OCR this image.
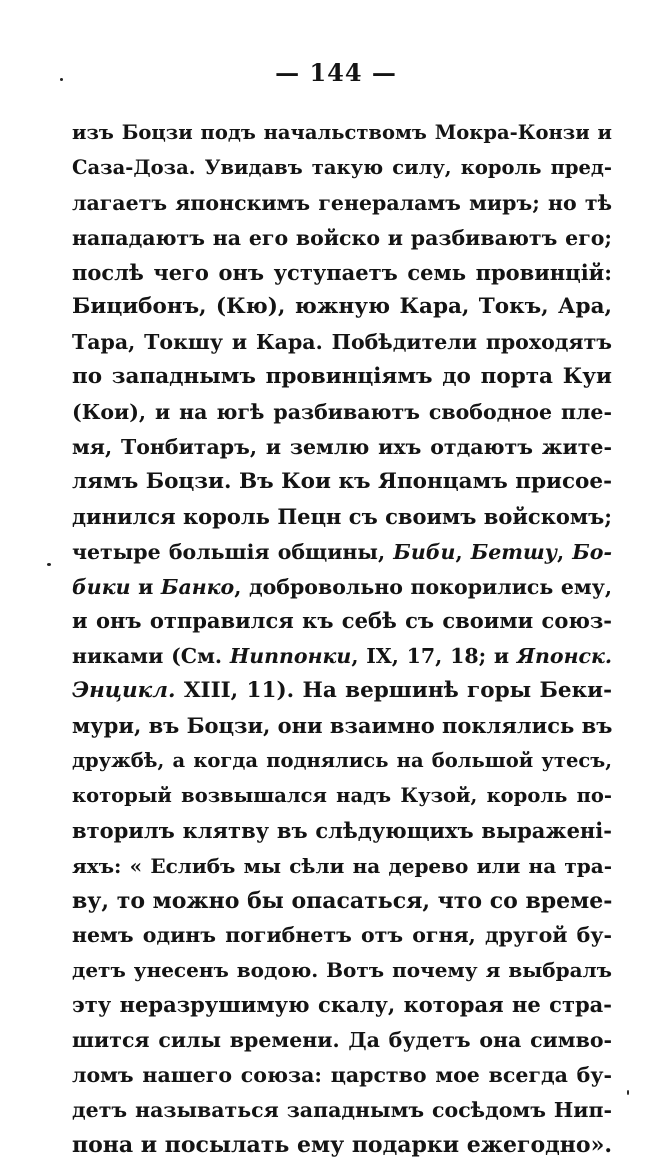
— 144 —
изъ Боцзи подъ начальствомъ Мокра-Конзи и
Саза-Доза. Увидавъ такую силу, король пред-
лагаетъ японскимъ генераламъ миръ; но тѣ
нападаютъ на его войско и разбиваютъ его;
послѣ чего онъ уступаетъ семь провинцiй:
Бицибонъ, (Кю), южную Кара, Токъ, Ара,
Тара, Токшу и Кара. Побѣдители проходятъ
по западнымъ провинцiямъ до порта Куи
(Кои), и на югѣ разбиваютъ свободное пле-
мя, Тонбитаръ, и землю ихъ отдаютъ жите-
лямъ Боцзи. Въ Кои къ Японцамъ присое-
динился король Пецн съ своимъ войскомъ;
четыре большiя общины, Биби, Бетшу, Бо-
бики и Банко, добровольно покорились ему,
и онъ отправился къ себѣ съ своими союз-
никами (См. Ниппонки, IX, 17, 18; и Японск.
Энцикл. XIII, 11). На вершинѣ горы Беки-
мури, въ Боцзи, они взаимно поклялись въ
дружбѣ, а когда поднялись на большой утесъ,
который возвышался надъ Кузой, король по-
вторилъ клятву въ слѣдующихъ выраженi-
яхъ: « Еслибъ мы сѣли на дерево или на тра-
ву, то можно бы опасаться, что со време-
немъ одинъ погибнетъ отъ огня, другой бу-
детъ унесенъ водою. Вотъ почему я выбралъ
эту неразрушимую скалу, которая не стра-
шится силы времени. Да будетъ она симво-
ломъ нашего союза: царство мое всегда бу-
детъ называться западнымъ сосѣдомъ Нип-
пона и посылать ему подарки ежегодно».
